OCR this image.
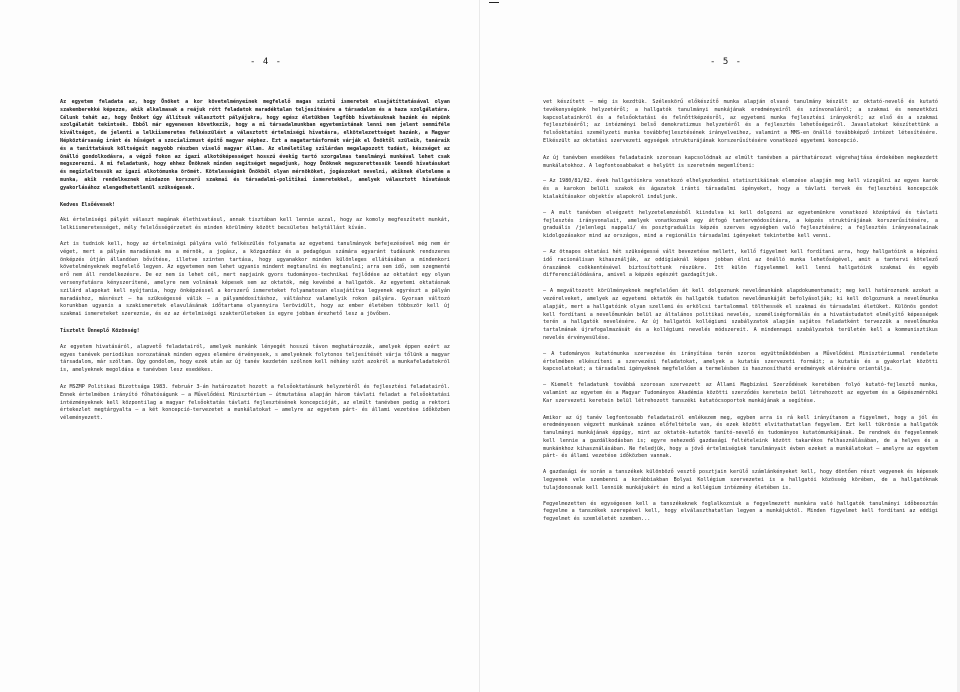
- 4 -

Az egyetem feladata az, hogy Önöket a kor követelményeinek megfelelő magas szintű ismeretek elsajátíttatásával olyan szakemberekké képezze, akik alkalmasak a reájuk rótt feladatok maradéktalan teljesítésére a társadalom és a haza szolgálatára. Célunk tehát az, hogy Önöket úgy állítsuk választott pályájukra, hogy egész életükben legfőbb hivatásuknak hazánk és népünk szolgálatát tekintsék. Ebből már egyenesen következik, hogy a mi társadalmunkban egyetemistának lenni nem jelent semmiféle kiváltságot, de jelenti a lelkiismeretes felkészülést a választott értelmiségi hivatásra, elkötelezettséget hazánk, a Magyar Népköztársaság iránt és hűséget a szocializmust építő magyar néphez. Ezt a magatartásformát várják el Önöktől szüleik, tanáraik és a tanittatásuk költségeit nagyobb részben viselő magyar állam. Az elméletileg szilárdan megalapozott tudást, készséget az önálló gondolkodásra, a végző fokon az igazi alkotóképességet hosszú évekig tartó szorgalmas tanulmányi munkával lehet csak megszerezni. A mi feladatunk, hogy ehhez Önöknek minden segítséget megadjunk, hogy Önöknek megszerettessük leendő hivatásukat és megizleltessük az igazi alkotómunka örömét. Kötelességünk Önökből olyan mérnököket, jogászokat nevelni, akiknek életeleme a munka, akik rendelkeznek mindazon korszerű szakmai és társadalmi-politikai ismeretekkel, amelyek választott hivatásuk gyakorlásához elengedhetetlenül szükségesek.

Kedves Elsőévesek!

Aki értelmiségi pályát választ magának élethivatásul, annak tisztában kell lennie azzal, hogy az komoly megfeszített munkát, lelkiismeretességet, mély felelősségérzetet és minden körülmény között becsületes helytállást kíván.

Azt is tudniok kell, hogy az értelmiségi pályára való felkészülés folyamata az egyetemi tanulmányok befejezésével még nem ér véget, mert a pályán maradásnak ma a mérnök, a jogász, a közgazdász és a pedagógus számára egyaránt tudásunk rendszeres önképzés útján állandóan bővítése, illetve szinten tartása, hogy ugyanakkor minden különleges ellátásában a mindenkori követelményeknek megfelelő legyen. Az egyetemen nem lehet ugyanis mindent megtanulni és megtanulni; arra sem idő, sem szegmenté erő nem áll rendelkezésre. De ez nem is lehet cél, mert napjaink gyors tudományos-technikai fejlődése az oktatást egy olyan versenyfutásra kényszerítené, amelyre nem volnának képesek sem az oktatók, még kevésbé a hallgatók. Az egyetemi oktatásnak szilárd alapokat kell nyújtania, hogy önképzéssel a korszerű ismereteket folyamatosan elsajátítva legyenek egyrészt a pályán maradáshoz, másrészt – ha szükségessé válik – a pályamódosításhoz, váltáshoz valamelyik rokon pályára. Gyorsan változó korunkban ugyanis a szakismeretek elavulásának időtartama olyannyira lerövidült, hogy az ember életében többször kell új szakmai ismereteket szereznie, és ez az értelmiségi szakterületeken is egyre jobban érezhető lesz a jövőben.

Tisztelt Ünneplő Közönség!

Az egyetem hivatásáról, alapvető feladatairól, amelyek munkánk lényegét hosszú távon meghatározzák, amelyek éppen ezért az egyes tanévek periodikus sorozatának minden egyes elemére érvényesek, s amelyeknek folytonos teljesítését várja tőlünk a magyar társadalom, már szóltam. Úgy gondolom, hogy ezek után az új tanév kezdetén szólnom kell néhány szót azokról a munkafeladatokról is, amelyeknek megoldása e tanévben lesz esedékes.

Az MSZMP Politikai Bizottsága 1983. február 3-án határozatot hozott a felsőoktatásunk helyzetéről és fejlesztési feladatairól. Ennek értelmében irányító főhatóságunk – a Művelődési Minisztérium – útmutatása alapján három távlati feladat a felsőoktatási intézményeknek kell központilag a magyar felsőoktatás távlati fejlesztésének koncepcióját, az elmúlt tanévben pedig a rektori értekezlet megtárgyalta – a két koncepció-tervezetet a munkálatokat – amelyre az egyetem párt- és állami vezetése időközben véleményezett.

- 5 -

vet készített – még is kezdtük. Széleskörű előkészítő munka alapján olvasó tanulmány készült az oktató-nevelő és kutató tevékenységünk helyzetéről; a hallgatók tanulmányi munkájának eredményeiről és színvonaláról; a szakmai és nemzetközi kapcsolatainkról és a felsőoktatási és felnőttképzésről, az egyetemi munka fejlesztési irányokról; az első és a szakmai fejlesztéséről; az intézményi belső demokratizmus helyzetéről és a fejlesztés lehetőségeiről. Javaslatokat készítettünk a felsőoktatási személyzeti munka továbbfejlesztésének irányelveihez, valamint a MMS-en önálló továbbképző intézet létesítésére. Elkészült az oktatási szervezeti egységek strukturájának korszerűsítésére vonatkozó egyetemi koncepció.

Az új tanévben esedékes feladataink szorosan kapcsolódnak az elmúlt tanévben a párthatározat végrehajtása érdekében megkezdett munkálatokhoz. A legfontosabbakat e helyütt is szeretném megemlíteni:

– Az 1980/81/82. évek hallgatóinkra vonatkozó elhelyezkedési statisztikáinak elemzése alapján meg kell vizsgálni az egyes karok és a karokon belüli szakok és ágazatok iránti társadalmi igényeket, hogy a távlati tervek és fejlesztési koncepciók kialakításakor objektív alapokról induljunk.
– A mult tanévben elvégzett helyzetelemzésből kiindulva ki kell dolgozni az egyetemünkre vonatkozó középtávú és távlati fejlesztés irányvonalait, amelyek vonatkoznak egy átfogó tantervmódosításra, a képzés struktúrájának korszerűsítésére, a graduális /jelenlegi nappali/ és posztgraduális képzés szerves egységben való fejlesztésére; a fejlesztés irányvonalainak kidolgozásakor mind az országos, mind a regionális társadalmi igényeket tekintetbe kell venni.
– Az ötnapos oktatási hét szükségessé vált bevezetése mellett, kellő figyelmet kell fordítani arra, hogy hallgatóink a képzési idő racionálisan kihasználják, az oddigiaknál képes jobban élni az önálló munka lehetőségével, amit a tantervi kötelező óraszámok csökkentésével biztosítottunk részükre. Itt külön figyelemmel kell lenni hallgatóink szakmai és egyéb differenciálódására, amivel a képzés egészét gazdagítjuk.
– A megváltozott körülményeknek megfelelően át kell dolgoznunk nevelőmunkánk alapdokumentumait; meg kell határoznunk azokat a vezérelveket, amelyek az egyetemi oktatók és hallgatók tudatos nevelőmunkáját befolyásolják; ki kell dolgoznunk a nevelőmunka alapját, mert a hallgatóink olyan szellemi és erkölcsi tartalommal tölthessék el szakmai és társadalmi életüket. Különös gondot kell fordítani a nevelőmunkán belül az általános politikai nevelés, személiségformálás és a hivatástudatot elmélyítő képességek terén a hallgatók nevelésére. Az új hallgatói kollégiumi szabályzatok alapján sajátos feladatként tervezzük a nevelőmunka tartalmának újrafogalmazását és a kollégiumi nevelés módszereit. A mindennapi szabályzatok területén kell a kommunisztikus nevelés érvényesülése.
– A tudományos kutatómunka szervezése és irányítása terén szoros együttműködésben a Művelődési Minisztériummal rendelete értelmében elkészíteni a szervezési feladatokat, amelyek a kutatás szervezeti formáit; a kutatás és a gyakorlat közötti kapcsolatokat; a társadalmi igényeknek megfelelően a termelésben is hasznosítható eredmények elérésére orientálja.
– Kiemelt feladatunk továbbá szorosan szervezett az Állami Magbizási Szerződések keretében folyó kutató-fejlesztő munka, valamint az egyetem és a Magyar Tudományos Akadémia közötti szerződés keretein belül létrehozott az egyetem és a Gépészmérnöki Kar szervezeti keretein belül létrehozott tanszéki kutatócsoportok munkájának a segítése.

Amikor az új tanév legfontosabb feladatairól emlékezem meg, egyben arra is rá kell irányítanom a figyelmet, hogy a jól és eredményesen végzett munkának számos előfeltétele van, és ezek között elvitathatatlan fegyelem. Ezt kell tükrönie a hallgatók tanulmányi munkájának éppúgy, mint az oktatók-kutatók tanító-nevelő és tudományos kutatómunkájának. De rendnek és fegyelemnek kell lennie a gazdálkodásban is; egyre nehezedő gazdasági feltételeink között takarékos felhasználásában, de a helyes és a munkánkhoz kihasználásában. Ne feledjük, hogy a jövő értelmiségiek tanulmányait évben ezeket a munkálatokat – amelyre az egyetem párt- és állami vezetése időközben vannak.

A gazdasági év során a tanszékek különböző vesztő posztjain kerülő számlánkényeket kell, hogy döntően részt vegyenek és képesek legyenek vele szembenni a korábbiakban Bolyai Kollégium szervezetei is a hallgatói közösség körében, de a hallgatóknak tulajdonosnak kell lenniük munkájukért és mind a kollégium intézmény életében is.

Fegyelmezetten és egységesen kell a tanszékeknek foglalkozniuk a fegyelmezett munkára való hallgatók tanulmányi időbeosztás fegyelme a tanszékek szerepével kell, hogy elválaszthatatlan legyen a munkájuktól. Minden figyelmet kell fordítani az eddigi fegyelmet és szemléletét szemben...
